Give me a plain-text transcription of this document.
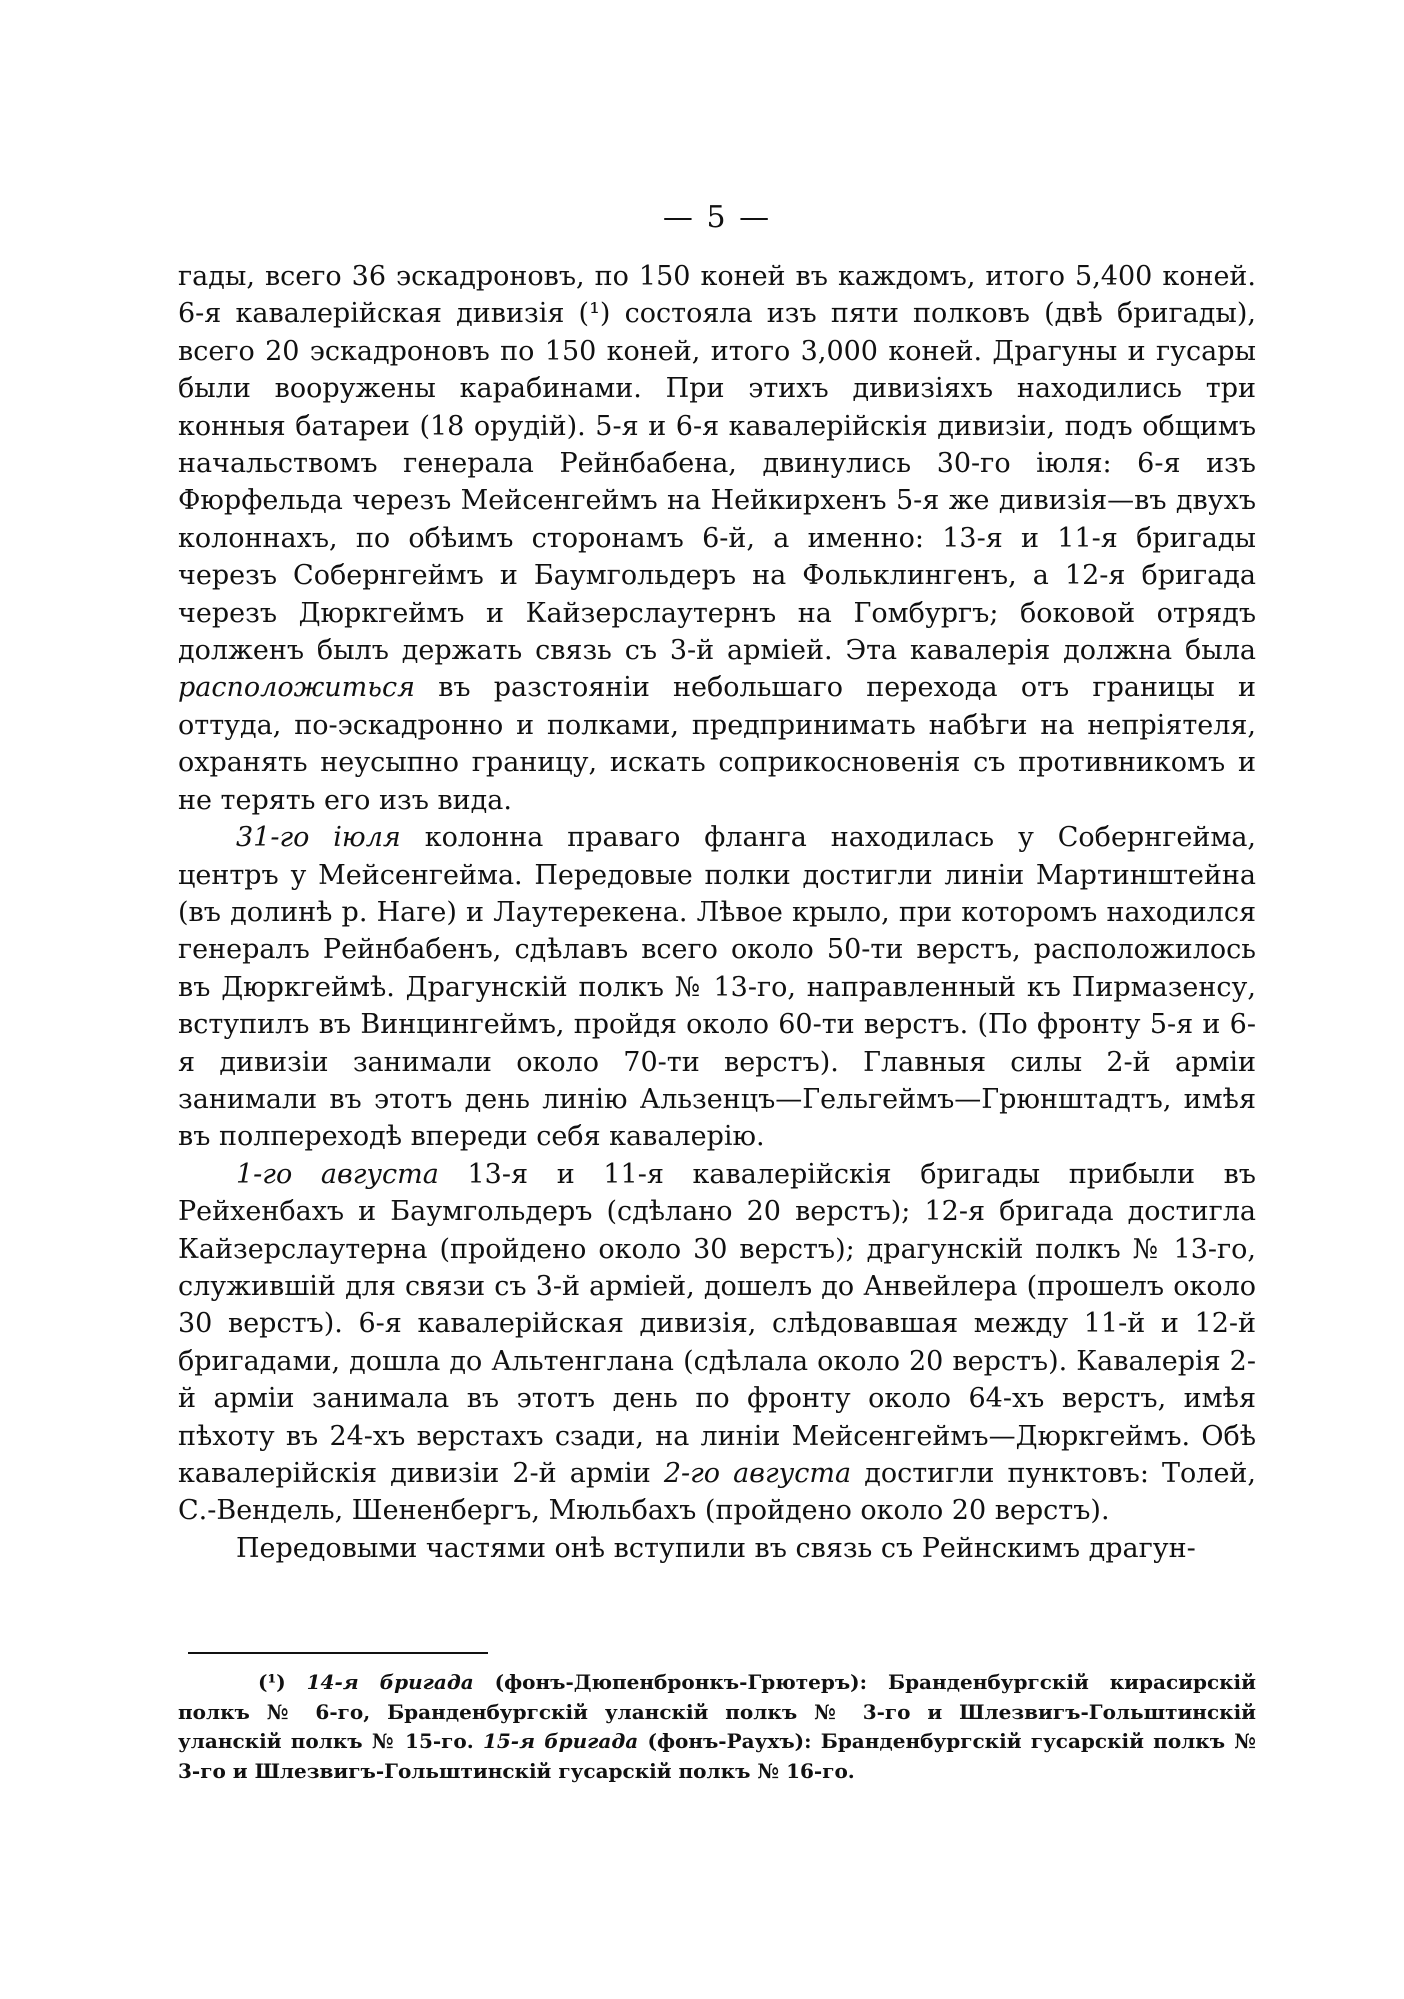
— 5 —

гады, всего 36 эскадроновъ, по 150 коней въ каждомъ, итого 5,400 коней. 6-я кавалерійская дивизія (¹) состояла изъ пяти полковъ (двѣ бригады), всего 20 эскадроновъ по 150 коней, итого 3,000 коней. Драгуны и гусары были вооружены карабинами. При этихъ дивизіяхъ находились три конныя батареи (18 орудій). 5-я и 6-я кавалерійскія дивизіи, подъ общимъ начальствомъ генерала Рейнбабена, двинулись 30-го іюля: 6-я изъ Фюрфельда черезъ Мейсенгеймъ на Нейкирхенъ 5-я же дивизія—въ двухъ колоннахъ, по обѣимъ сторонамъ 6-й, а именно: 13-я и 11-я бригады черезъ Собернгеймъ и Баумгольдеръ на Фольклингенъ, а 12-я бригада черезъ Дюркгеймъ и Кайзерслаутернъ на Гомбургъ; боковой отрядъ долженъ былъ держать связь съ 3-й арміей. Эта кавалерія должна была расположиться въ разстояніи небольшаго перехода отъ границы и оттуда, по-эскадронно и полками, предпринимать набѣги на непріятеля, охранять неусыпно границу, искать соприкосновенія съ противникомъ и не терять его изъ вида.

31-го іюля колонна праваго фланга находилась у Собернгейма, центръ у Мейсенгейма. Передовые полки достигли линіи Мартинштейна (въ долинѣ р. Наге) и Лаутерекена. Лѣвое крыло, при которомъ находился генералъ Рейнбабенъ, сдѣлавъ всего около 50-ти верстъ, расположилось въ Дюркгеймѣ. Драгунскій полкъ № 13-го, направленный къ Пирмазенсу, вступилъ въ Винцингеймъ, пройдя около 60-ти верстъ. (По фронту 5-я и 6-я дивизіи занимали около 70-ти верстъ). Главныя силы 2-й арміи занимали въ этотъ день линію Альзенцъ—Гельгеймъ—Грюнштадтъ, имѣя въ полпереходѣ впереди себя кавалерію.

1-го августа 13-я и 11-я кавалерійскія бригады прибыли въ Рейхенбахъ и Баумгольдеръ (сдѣлано 20 верстъ); 12-я бригада достигла Кайзерслаутерна (пройдено около 30 верстъ); драгунскій полкъ № 13-го, служившій для связи съ 3-й арміей, дошелъ до Анвейлера (прошелъ около 30 верстъ). 6-я кавалерійская дивизія, слѣдовавшая между 11-й и 12-й бригадами, дошла до Альтенглана (сдѣлала около 20 верстъ). Кавалерія 2-й арміи занимала въ этотъ день по фронту около 64-хъ верстъ, имѣя пѣхоту въ 24-хъ верстахъ сзади, на линіи Мейсенгеймъ—Дюркгеймъ. Обѣ кавалерійскія дивизіи 2-й арміи 2-го августа достигли пунктовъ: Толей, С.-Вендель, Шененбергъ, Мюльбахъ (пройдено около 20 верстъ).

Передовыми частями онѣ вступили въ связь съ Рейнскимъ драгун-

(¹) 14-я бригада (фонъ-Дюпенбронкъ-Грютеръ): Бранденбургскій кирасирскій полкъ № 6-го, Бранденбургскій уланскій полкъ № 3-го и Шлезвигъ-Гольштинскій уланскій полкъ № 15-го. 15-я бригада (фонъ-Раухъ): Бранденбургскій гусарскій полкъ № 3-го и Шлезвигъ-Гольштинскій гусарскій полкъ № 16-го.
